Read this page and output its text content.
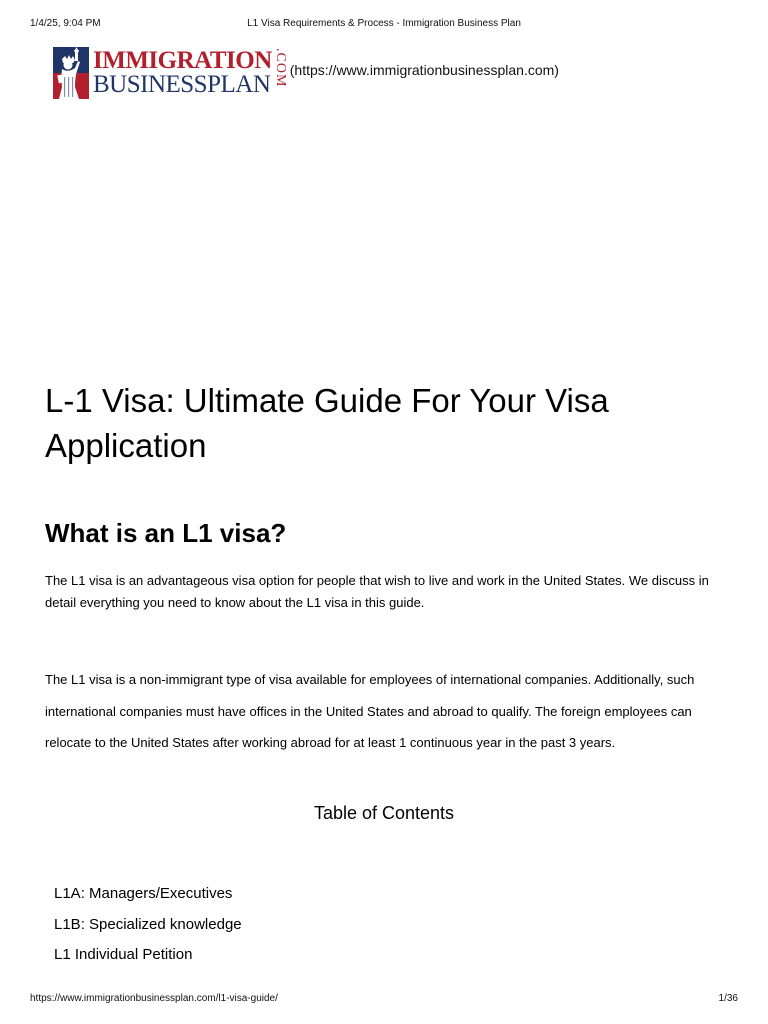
1/4/25, 9:04 PM	L1 Visa Requirements & Process - Immigration Business Plan
IMMIGRATION
BUSINESSPLAN .COM (https://www.immigrationbusinessplan.com)
L-1 Visa: Ultimate Guide For Your Visa Application
What is an L1 visa?

The L1 visa is an advantageous visa option for people that wish to live and work in the United States. We discuss in detail everything you need to know about the L1 visa in this guide.

The L1 visa is a non-immigrant type of visa available for employees of international companies. Additionally, such international companies must have offices in the United States and abroad to qualify. The foreign employees can relocate to the United States after working abroad for at least 1 continuous year in the past 3 years.

Table of Contents
L1A: Managers/Executives
L1B: Specialized knowledge
L1 Individual Petition
https://www.immigrationbusinessplan.com/l1-visa-guide/	1/36
